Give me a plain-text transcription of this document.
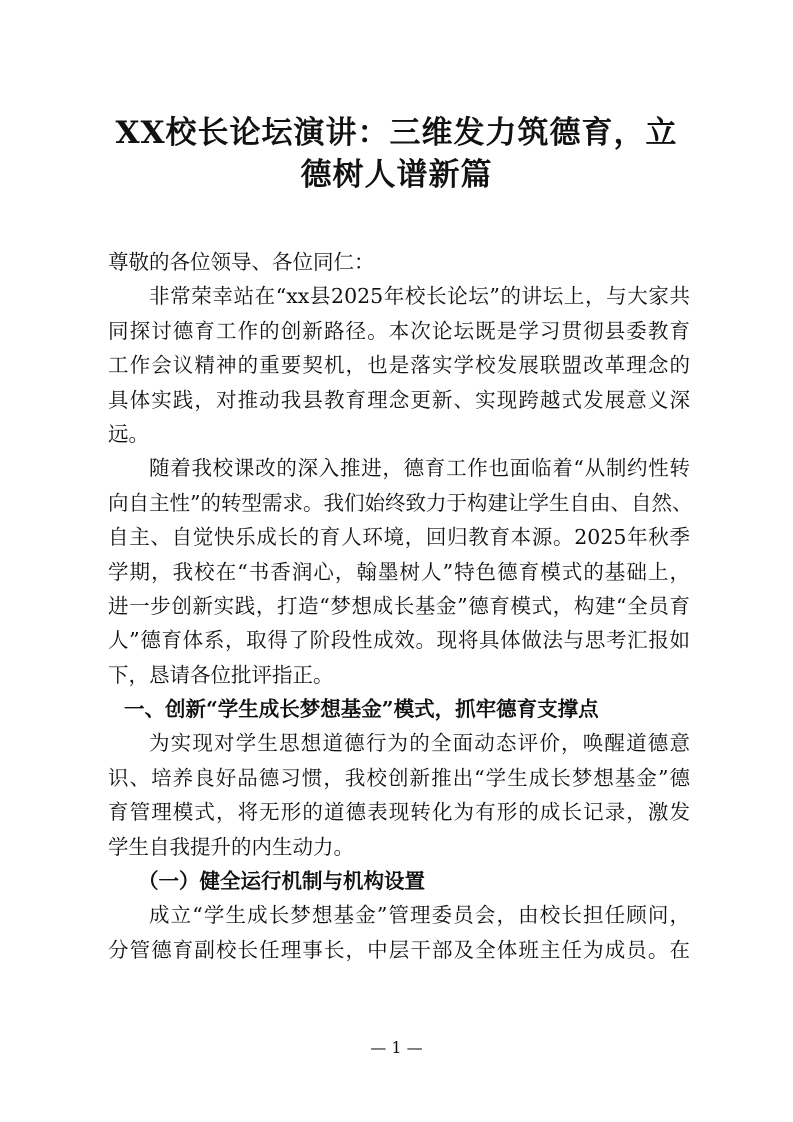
XX校长论坛演讲：三维发力筑德育，立
德树人谱新篇
尊敬的各位领导、各位同仁：
非常荣幸站在“xx县2025年校长论坛”的讲坛上，与大家共
同探讨德育工作的创新路径。本次论坛既是学习贯彻县委教育
工作会议精神的重要契机，也是落实学校发展联盟改革理念的
具体实践，对推动我县教育理念更新、实现跨越式发展意义深
远。
随着我校课改的深入推进，德育工作也面临着“从制约性转
向自主性”的转型需求。我们始终致力于构建让学生自由、自然、
自主、自觉快乐成长的育人环境，回归教育本源。2025年秋季
学期，我校在“书香润心，翰墨树人”特色德育模式的基础上，
进一步创新实践，打造“梦想成长基金”德育模式，构建“全员育
人”德育体系，取得了阶段性成效。现将具体做法与思考汇报如
下，恳请各位批评指正。
一、创新“学生成长梦想基金”模式，抓牢德育支撑点
为实现对学生思想道德行为的全面动态评价，唤醒道德意
识、培养良好品德习惯，我校创新推出“学生成长梦想基金”德
育管理模式，将无形的道德表现转化为有形的成长记录，激发
学生自我提升的内生动力。
（一）健全运行机制与机构设置
成立“学生成长梦想基金”管理委员会，由校长担任顾问，
分管德育副校长任理事长，中层干部及全体班主任为成员。在
— 1 —
